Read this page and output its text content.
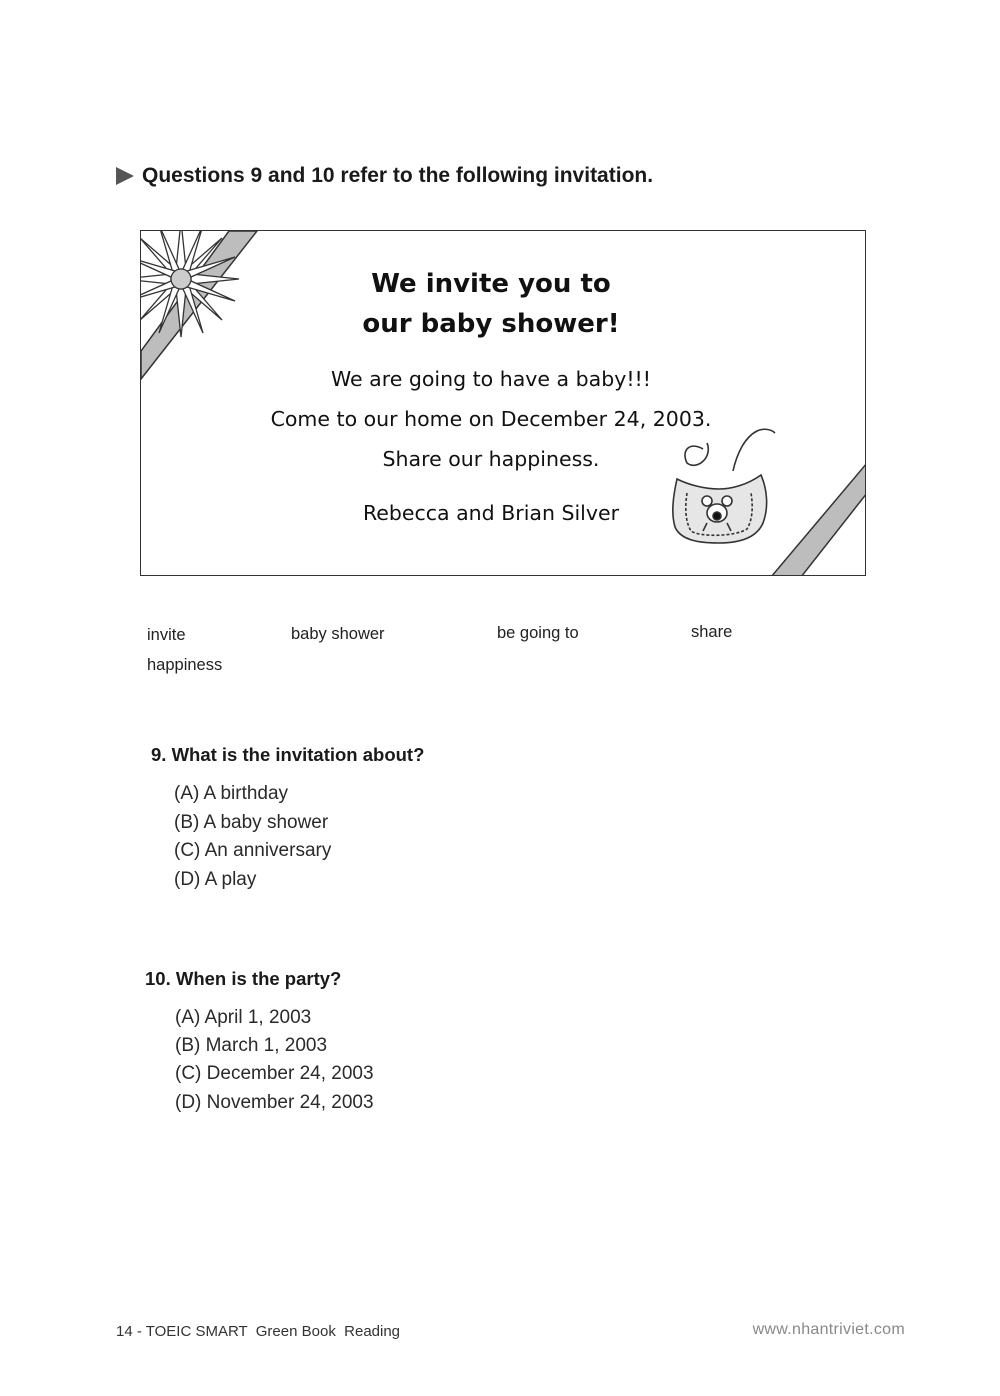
Questions 9 and 10 refer to the following invitation.
We invite you to
our baby shower!
We are going to have a baby!!!
Come to our home on December 24, 2003.
Share our happiness.
Rebecca and Brian Silver
invite	baby shower	be going to	share
happiness
9. What is the invitation about?
(A) A birthday
(B) A baby shower
(C) An anniversary
(D) A play
10. When is the party?
(A) April 1, 2003
(B) March 1, 2003
(C) December 24, 2003
(D) November 24, 2003
14 - TOEIC SMART  Green Book  Reading	www.nhantriviet.com
